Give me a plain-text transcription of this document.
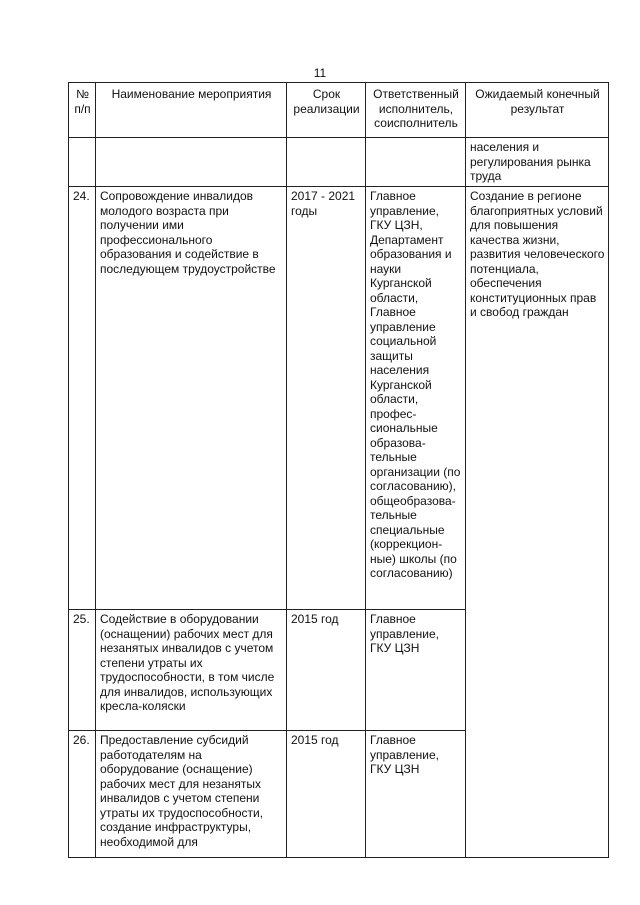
11
№ п/п	Наименование мероприятия	Срок реализации	Ответственный исполнитель, соисполнитель	Ожидаемый конечный результат
				населения и регулирования рынка труда
24.	Сопровождение инвалидов молодого возраста при получении ими профессионального образования и содействие в последующем трудоустройстве	2017 - 2021 годы	Главное управление, ГКУ ЦЗН, Департамент образования и науки Курганской области, Главное управление социальной защиты населения Курганской области, профес-сиональные образова-тельные организации (по согласованию), общеобразова-тельные специальные (коррекцион-ные) школы (по согласованию)	Создание в регионе благоприятных условий для повышения качества жизни, развития человеческого потенциала, обеспечения конституционных прав и свобод граждан
25.	Содействие в оборудовании (оснащении) рабочих мест для незанятых инвалидов с учетом степени утраты их трудоспособности, в том числе для инвалидов, использующих кресла-коляски	2015 год	Главное управление, ГКУ ЦЗН	
26.	Предоставление субсидий работодателям на оборудование (оснащение) рабочих мест для незанятых инвалидов с учетом степени утраты их трудоспособности, создание инфраструктуры, необходимой для	2015 год	Главное управление, ГКУ ЦЗН	
